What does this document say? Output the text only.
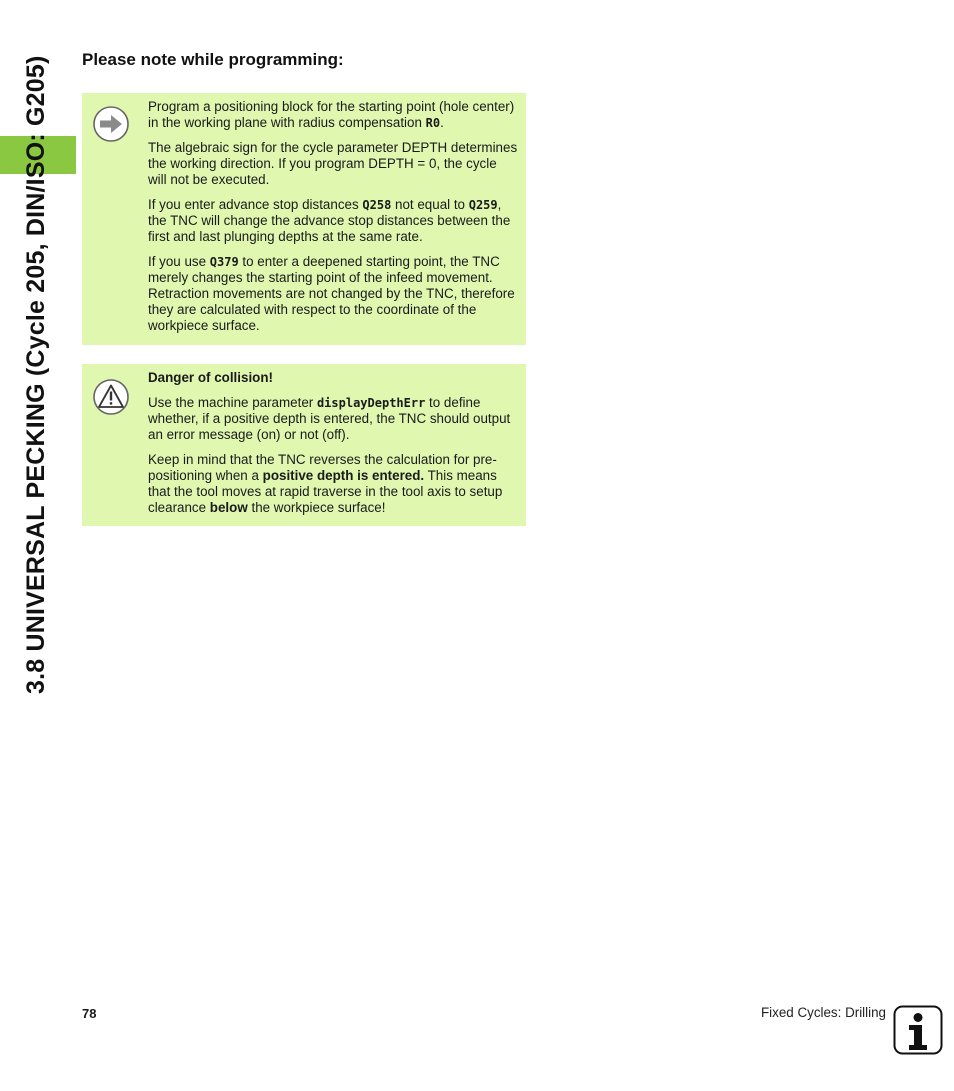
3.8 UNIVERSAL PECKING (Cycle 205, DIN/ISO: G205) Please note while programming:

Program a positioning block for the starting point (hole center) in the working plane with radius compensation R0.

The algebraic sign for the cycle parameter DEPTH determines the working direction. If you program DEPTH = 0, the cycle will not be executed.

If you enter advance stop distances Q258 not equal to Q259, the TNC will change the advance stop distances between the first and last plunging depths at the same rate.

If you use Q379 to enter a deepened starting point, the TNC merely changes the starting point of the infeed movement. Retraction movements are not changed by the TNC, therefore they are calculated with respect to the coordinate of the workpiece surface.

Danger of collision!

Use the machine parameter displayDepthErr to define whether, if a positive depth is entered, the TNC should output an error message (on) or not (off).

Keep in mind that the TNC reverses the calculation for pre-positioning when a positive depth is entered. This means that the tool moves at rapid traverse in the tool axis to setup clearance below the workpiece surface!

78	Fixed Cycles: Drilling
